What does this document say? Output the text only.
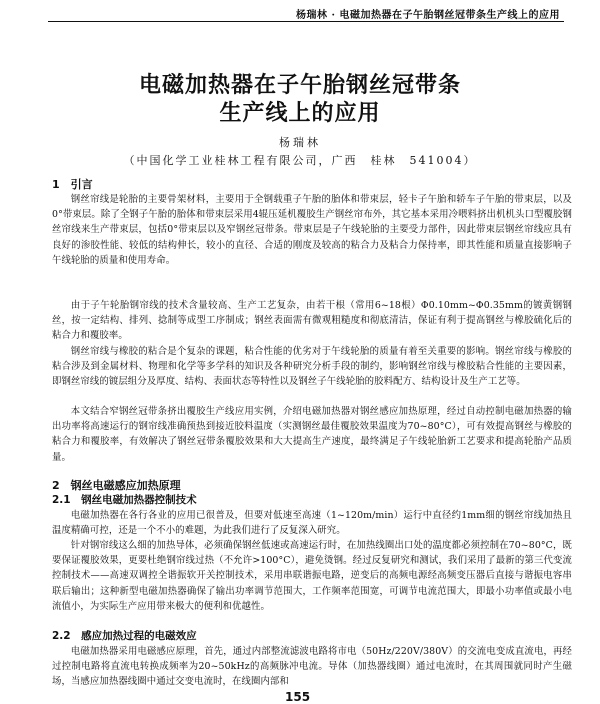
杨瑞林 · 电磁加热器在子午胎钢丝冠带条生产线上的应用
电磁加热器在子午胎钢丝冠带条
生产线上的应用
杨瑞林
（中国化学工业桂林工程有限公司，广西　桂林　541004）
1　引言

钢丝帘线是轮胎的主要骨架材料，主要用于全钢载重子午胎的胎体和带束层，轻卡子午胎和轿车子午胎的带束层，以及0°带束层。除了全钢子午胎的胎体和带束层采用4辊压延机覆胶生产钢丝帘布外，其它基本采用冷喂料挤出机机头口型覆胶钢丝帘线来生产带束层，包括0°带束层以及窄钢丝冠带条。带束层是子午线轮胎的主要受力部件，因此带束层钢丝帘线应具有良好的渗胶性能、较低的结构伸长，较小的直径、合适的刚度及较高的粘合力及粘合力保持率，即其性能和质量直接影响子午线轮胎的质量和使用寿命。

由于子午轮胎钢帘线的技术含量较高、生产工艺复杂，由若干根（常用6~18根）Φ0.10mm~Φ0.35mm的镀黄钢钢丝，按一定结构、排列、捻制等成型工序制成；钢丝表面需有微观粗糙度和彻底清洁，保证有利于提高钢丝与橡胶硫化后的粘合力和覆胶率。

钢丝帘线与橡胶的粘合是个复杂的课题，粘合性能的优劣对于午线轮胎的质量有着至关重要的影响。钢丝帘线与橡胶的粘合涉及到金属材料、物理和化学等多学科的知识及各种研究分析手段的制约，影响钢丝帘线与橡胶粘合性能的主要因素，即钢丝帘线的镀层组分及厚度、结构、表面状态等特性以及钢丝子午线轮胎的胶料配方、结构设计及生产工艺等。

本文结合窄钢丝冠带条挤出覆胶生产线应用实例，介绍电磁加热器对钢丝感应加热原理，经过自动控制电磁加热器的输出功率将高速运行的钢帘线准确预热到接近胶料温度（实测钢丝最佳覆胶效果温度为70~80°C），可有效提高钢丝与橡胶的粘合力和覆胶率，有效解决了钢丝冠带条覆胶效果和大大提高生产速度，最终满足子午线轮胎新工艺要求和提高轮胎产品质量。

2　钢丝电磁感应加热原理
2.1　钢丝电磁加热器控制技术

电磁加热器在各行各业的应用已很普及，但要对低速至高速（1~120m/min）运行中直径约1mm细的钢丝帘线加热且温度精确可控，还是一个不小的难题，为此我们进行了反复深入研究。

针对钢帘线这么细的加热导体，必须确保钢丝低速或高速运行时，在加热线圈出口处的温度都必须控制在70~80°C，既要保证覆胶效果，更要杜绝钢帘线过热（不允许>100°C），避免烫钢。经过反复研究和测试，我们采用了最新的第三代变流控制技术——高速双调控全谐振软开关控制技术，采用串联谐振电路，逆变后的高频电源经高频变压器后直接与谐振电容串联后输出；这种新型电磁加热器确保了输出功率调节范围大，工作频率范围宽，可调节电流范围大，即最小功率值或最小电流值小，为实际生产应用带来极大的便利和优越性。

2.2　感应加热过程的电磁效应

电磁加热器采用电磁感应原理，首先，通过内部整流滤波电路将市电（50Hz/220V/380V）的交流电变成直流电，再经过控制电路将直流电转换成频率为20~50kHz的高频脉冲电流。导体（加热器线圈）通过电流时，在其周围就同时产生磁场，当感应加热器线圈中通过交变电流时，在线圈内部和

155
